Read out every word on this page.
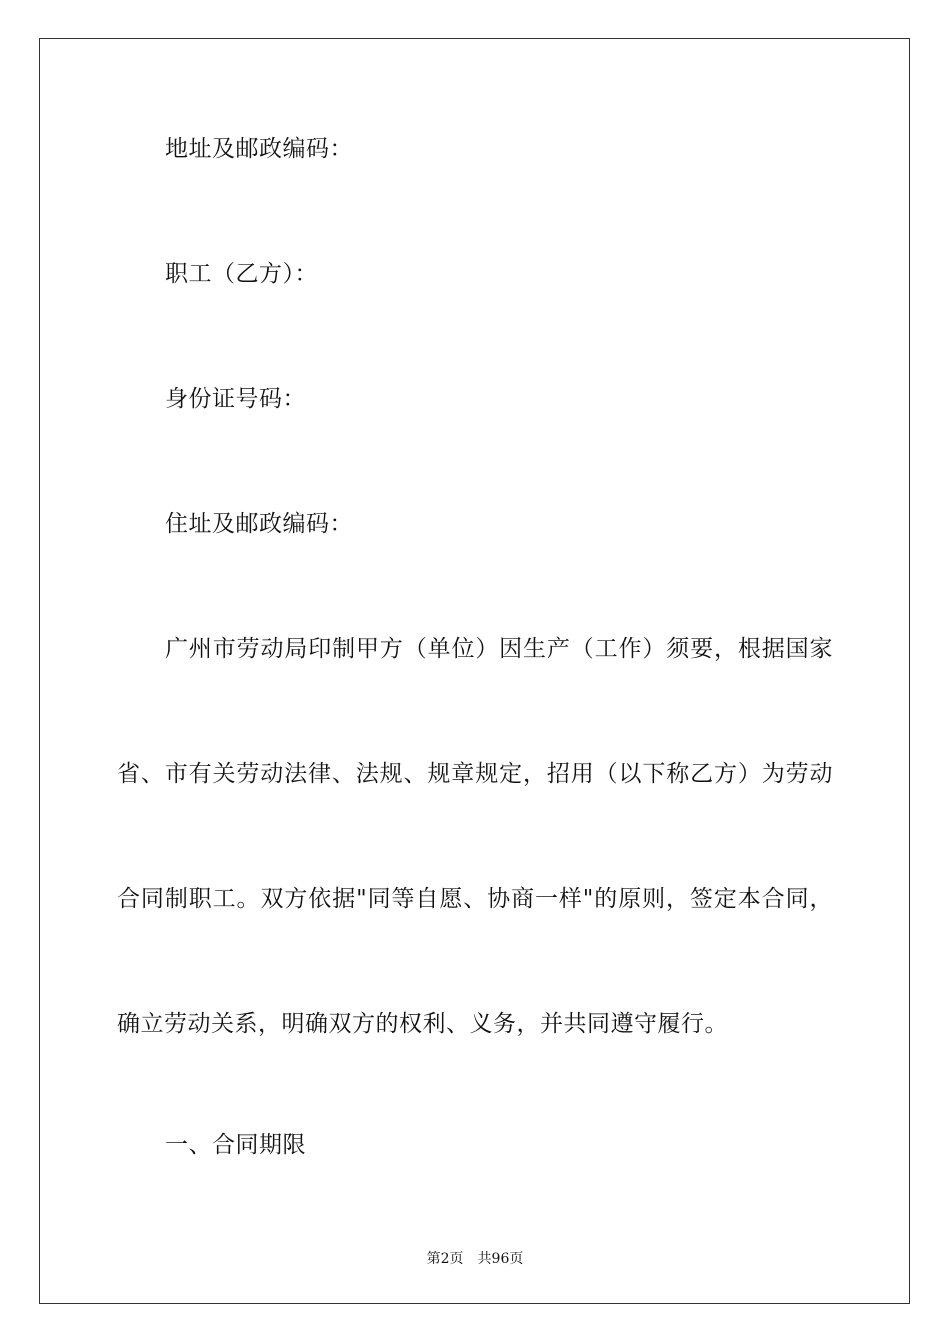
地址及邮政编码：
职工（乙方）：
身份证号码：
住址及邮政编码：
广州市劳动局印制甲方（单位）因生产（工作）须要，根据国家
省、市有关劳动法律、法规、规章规定，招用（以下称乙方）为劳动
合同制职工。双方依据"同等自愿、协商一样"的原则，签定本合同，
确立劳动关系，明确双方的权利、义务，并共同遵守履行。
一、合同期限
第2页 共96页
